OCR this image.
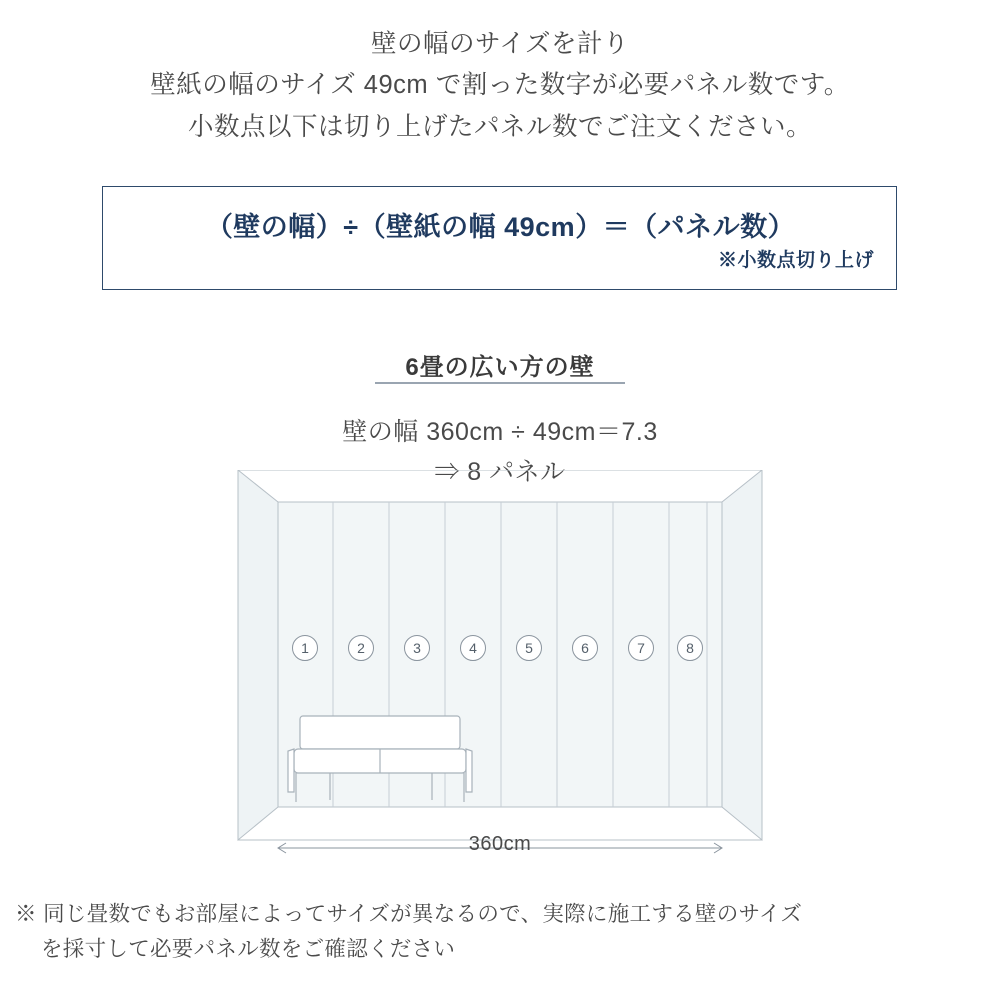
壁の幅のサイズを計り
壁紙の幅のサイズ 49cm で割った数字が必要パネル数です。
小数点以下は切り上げたパネル数でご注文ください。
（壁の幅）÷（壁紙の幅 49cm）＝（パネル数）
※小数点切り上げ
6畳の広い方の壁
壁の幅 360cm ÷ 49cm＝7.3
⇒ 8 パネル
1	2	3	4	5	6	7	8
360cm
※ 同じ畳数でもお部屋によってサイズが異なるので、実際に施工する壁のサイズ
を採寸して必要パネル数をご確認ください
